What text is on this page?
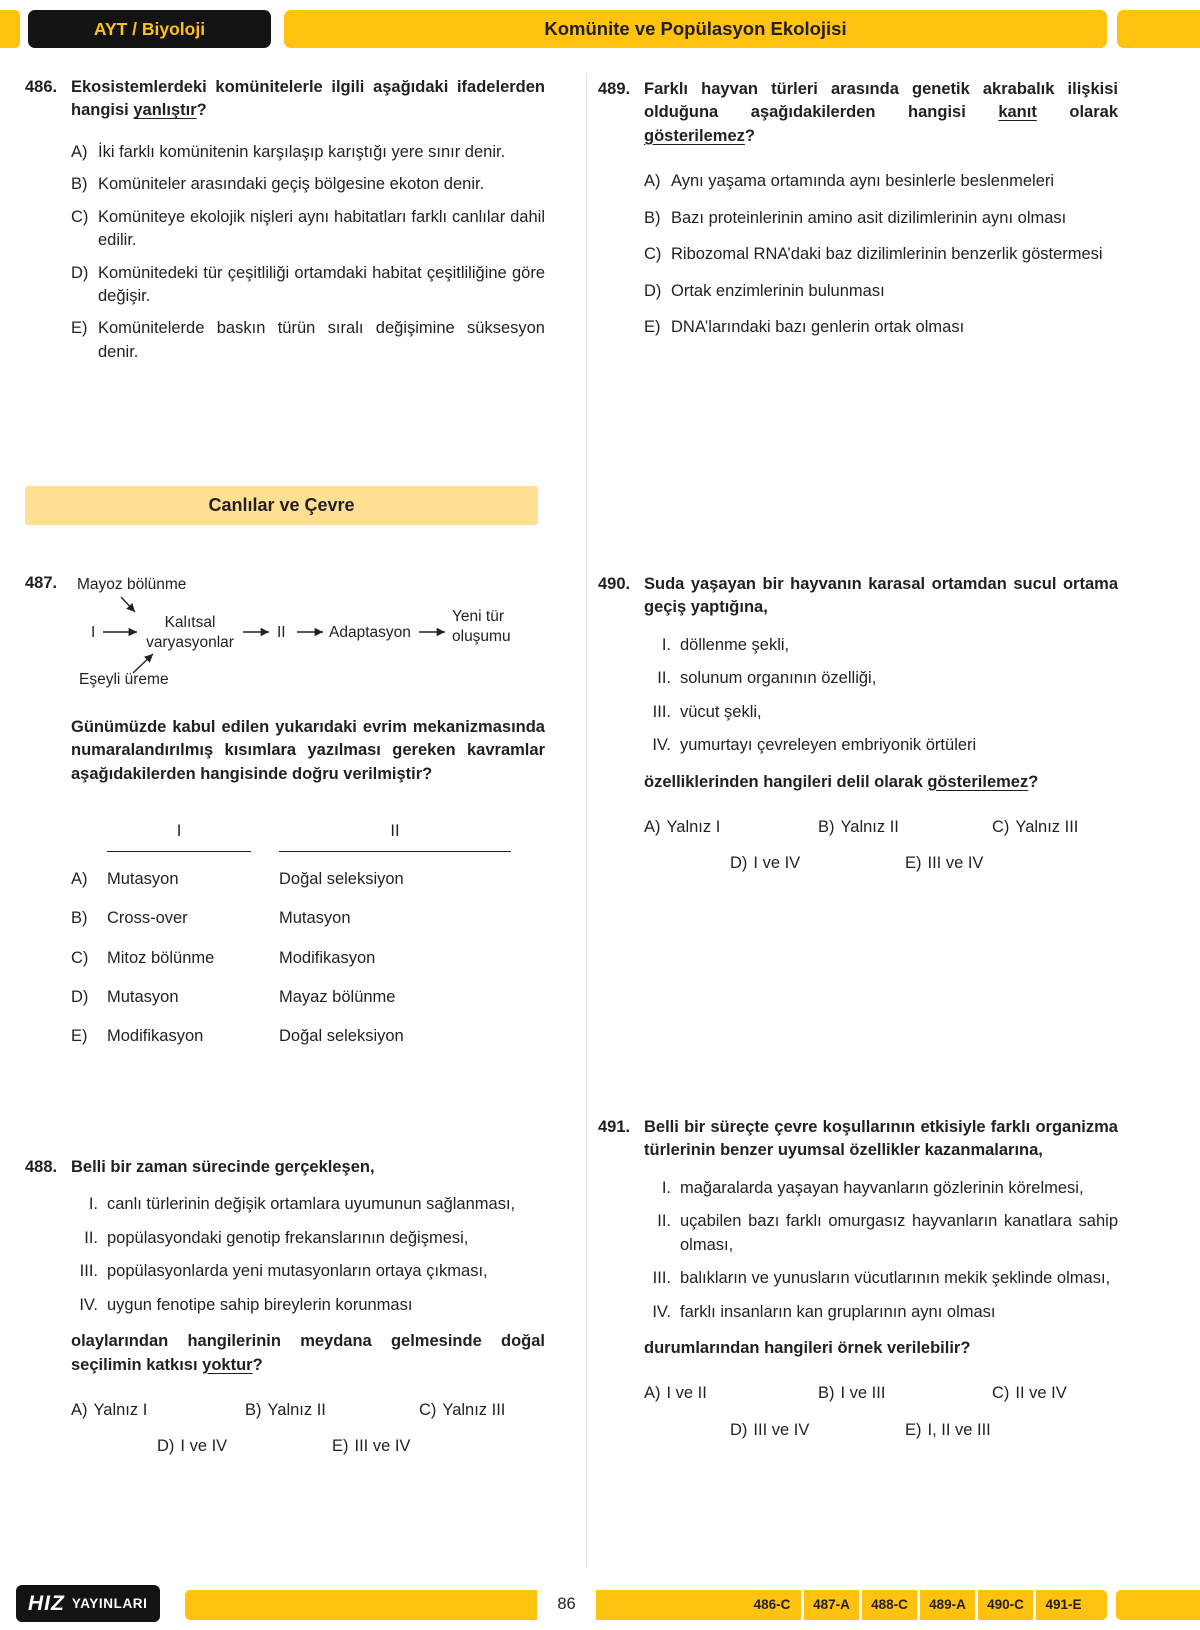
AYT / Biyoloji	Komünite ve Popülasyon Ekolojisi
486. Ekosistemlerdeki komünitelerle ilgili aşağıdaki ifadelerden hangisi yanlıştır?
A) İki farklı komünitenin karşılaşıp karıştığı yere sınır denir.
B) Komüniteler arasındaki geçiş bölgesine ekoton denir.
C) Komüniteye ekolojik nişleri aynı habitatları farklı canlılar dahil edilir.
D) Komünitedeki tür çeşitliliği ortamdaki habitat çeşitliliğine göre değişir.
E) Komünitelerde baskın türün sıralı değişimine süksesyon denir.
Canlılar ve Çevre
487.	Mayoz bölünme
I
Kalıtsal
varyasyonlar
II	Adaptasyon
Yeni tür
oluşumu
Eşeyli üreme
Günümüzde kabul edilen yukarıdaki evrim mekanizmasında numaralandırılmış kısımlara yazılması gereken kavramlar aşağıdakilerden hangisinde doğru verilmiştir?
I	II
A)	Mutasyon	Doğal seleksiyon
B)	Cross-over	Mutasyon
C)	Mitoz bölünme	Modifikasyon
D)	Mutasyon	Mayaz bölünme
E)	Modifikasyon	Doğal seleksiyon
488. Belli bir zaman sürecinde gerçekleşen,
I. canlı türlerinin değişik ortamlara uyumunun sağlanması,
II. popülasyondaki genotip frekanslarının değişmesi,
III. popülasyonlarda yeni mutasyonların ortaya çıkması,
IV. uygun fenotipe sahip bireylerin korunması
olaylarından hangilerinin meydana gelmesinde doğal seçilimin katkısı yoktur?
A) Yalnız I	B) Yalnız II	C) Yalnız III
D) I ve IV	E) III ve IV
489. Farklı hayvan türleri arasında genetik akrabalık ilişkisi olduğuna aşağıdakilerden hangisi kanıt olarak gösterilemez?
A) Aynı yaşama ortamında aynı besinlerle beslenmeleri
B) Bazı proteinlerinin amino asit dizilimlerinin aynı olması
C) Ribozomal RNA’daki baz dizilimlerinin benzerlik göstermesi
D) Ortak enzimlerinin bulunması
E) DNA’larındaki bazı genlerin ortak olması
490. Suda yaşayan bir hayvanın karasal ortamdan sucul ortama geçiş yaptığına,
I. döllenme şekli,
II. solunum organının özelliği,
III. vücut şekli,
IV. yumurtayı çevreleyen embriyonik örtüleri
özelliklerinden hangileri delil olarak gösterilemez?
A) Yalnız I	B) Yalnız II	C) Yalnız III
D) I ve IV	E) III ve IV
491. Belli bir süreçte çevre koşullarının etkisiyle farklı organizma türlerinin benzer uyumsal özellikler kazanmalarına,
I. mağaralarda yaşayan hayvanların gözlerinin körelmesi,
II. uçabilen bazı farklı omurgasız hayvanların kanatlara sahip olması,
III. balıkların ve yunusların vücutlarının mekik şeklinde olması,
IV. farklı insanların kan gruplarının aynı olması
durumlarından hangileri örnek verilebilir?
A) I ve II	B) I ve III	C) II ve IV
D) III ve IV	E) I, II ve III
486-C	487-A	488-C	489-A	490-C	491-E
86
HIZ YAYINLARI
